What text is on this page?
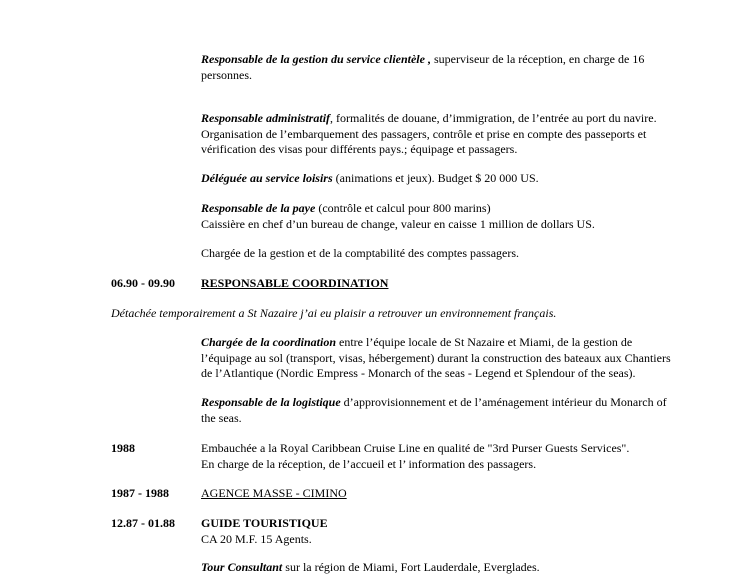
Responsable de la gestion du service clientèle , superviseur de la réception, en charge de 16
personnes.
Responsable administratif, formalités de douane, d’immigration, de l’entrée au port du navire.
Organisation de l’embarquement des passagers, contrôle et prise en compte des passeports et
vérification des visas pour différents pays.; équipage et passagers.
Déléguée au service loisirs (animations et jeux). Budget $ 20 000 US.
Responsable de la paye (contrôle et calcul pour 800 marins)
Caissière en chef d’un bureau de change, valeur en caisse 1 million de dollars US.
Chargée de la gestion et de la comptabilité des comptes passagers.
06.90 - 09.90 RESPONSABLE COORDINATION
Détachée temporairement a St Nazaire j’ai eu plaisir a retrouver un environnement français.
Chargée de la coordination entre l’équipe locale de St Nazaire et Miami, de la gestion de
l’équipage au sol (transport, visas, hébergement) durant la construction des bateaux aux Chantiers
de l’Atlantique (Nordic Empress - Monarch of the seas - Legend et Splendour of the seas).
Responsable de la logistique d’approvisionnement et de l’aménagement intérieur du Monarch of
the seas.
1988	Embauchée a la Royal Caribbean Cruise Line en qualité de "3rd Purser Guests Services".
En charge de la réception, de l’accueil et l’ information des passagers.
1987 - 1988	AGENCE MASSE - CIMINO
12.87 - 01.88 GUIDE TOURISTIQUE
CA 20 M.F. 15 Agents.
Tour Consultant sur la région de Miami, Fort Lauderdale, Everglades.
